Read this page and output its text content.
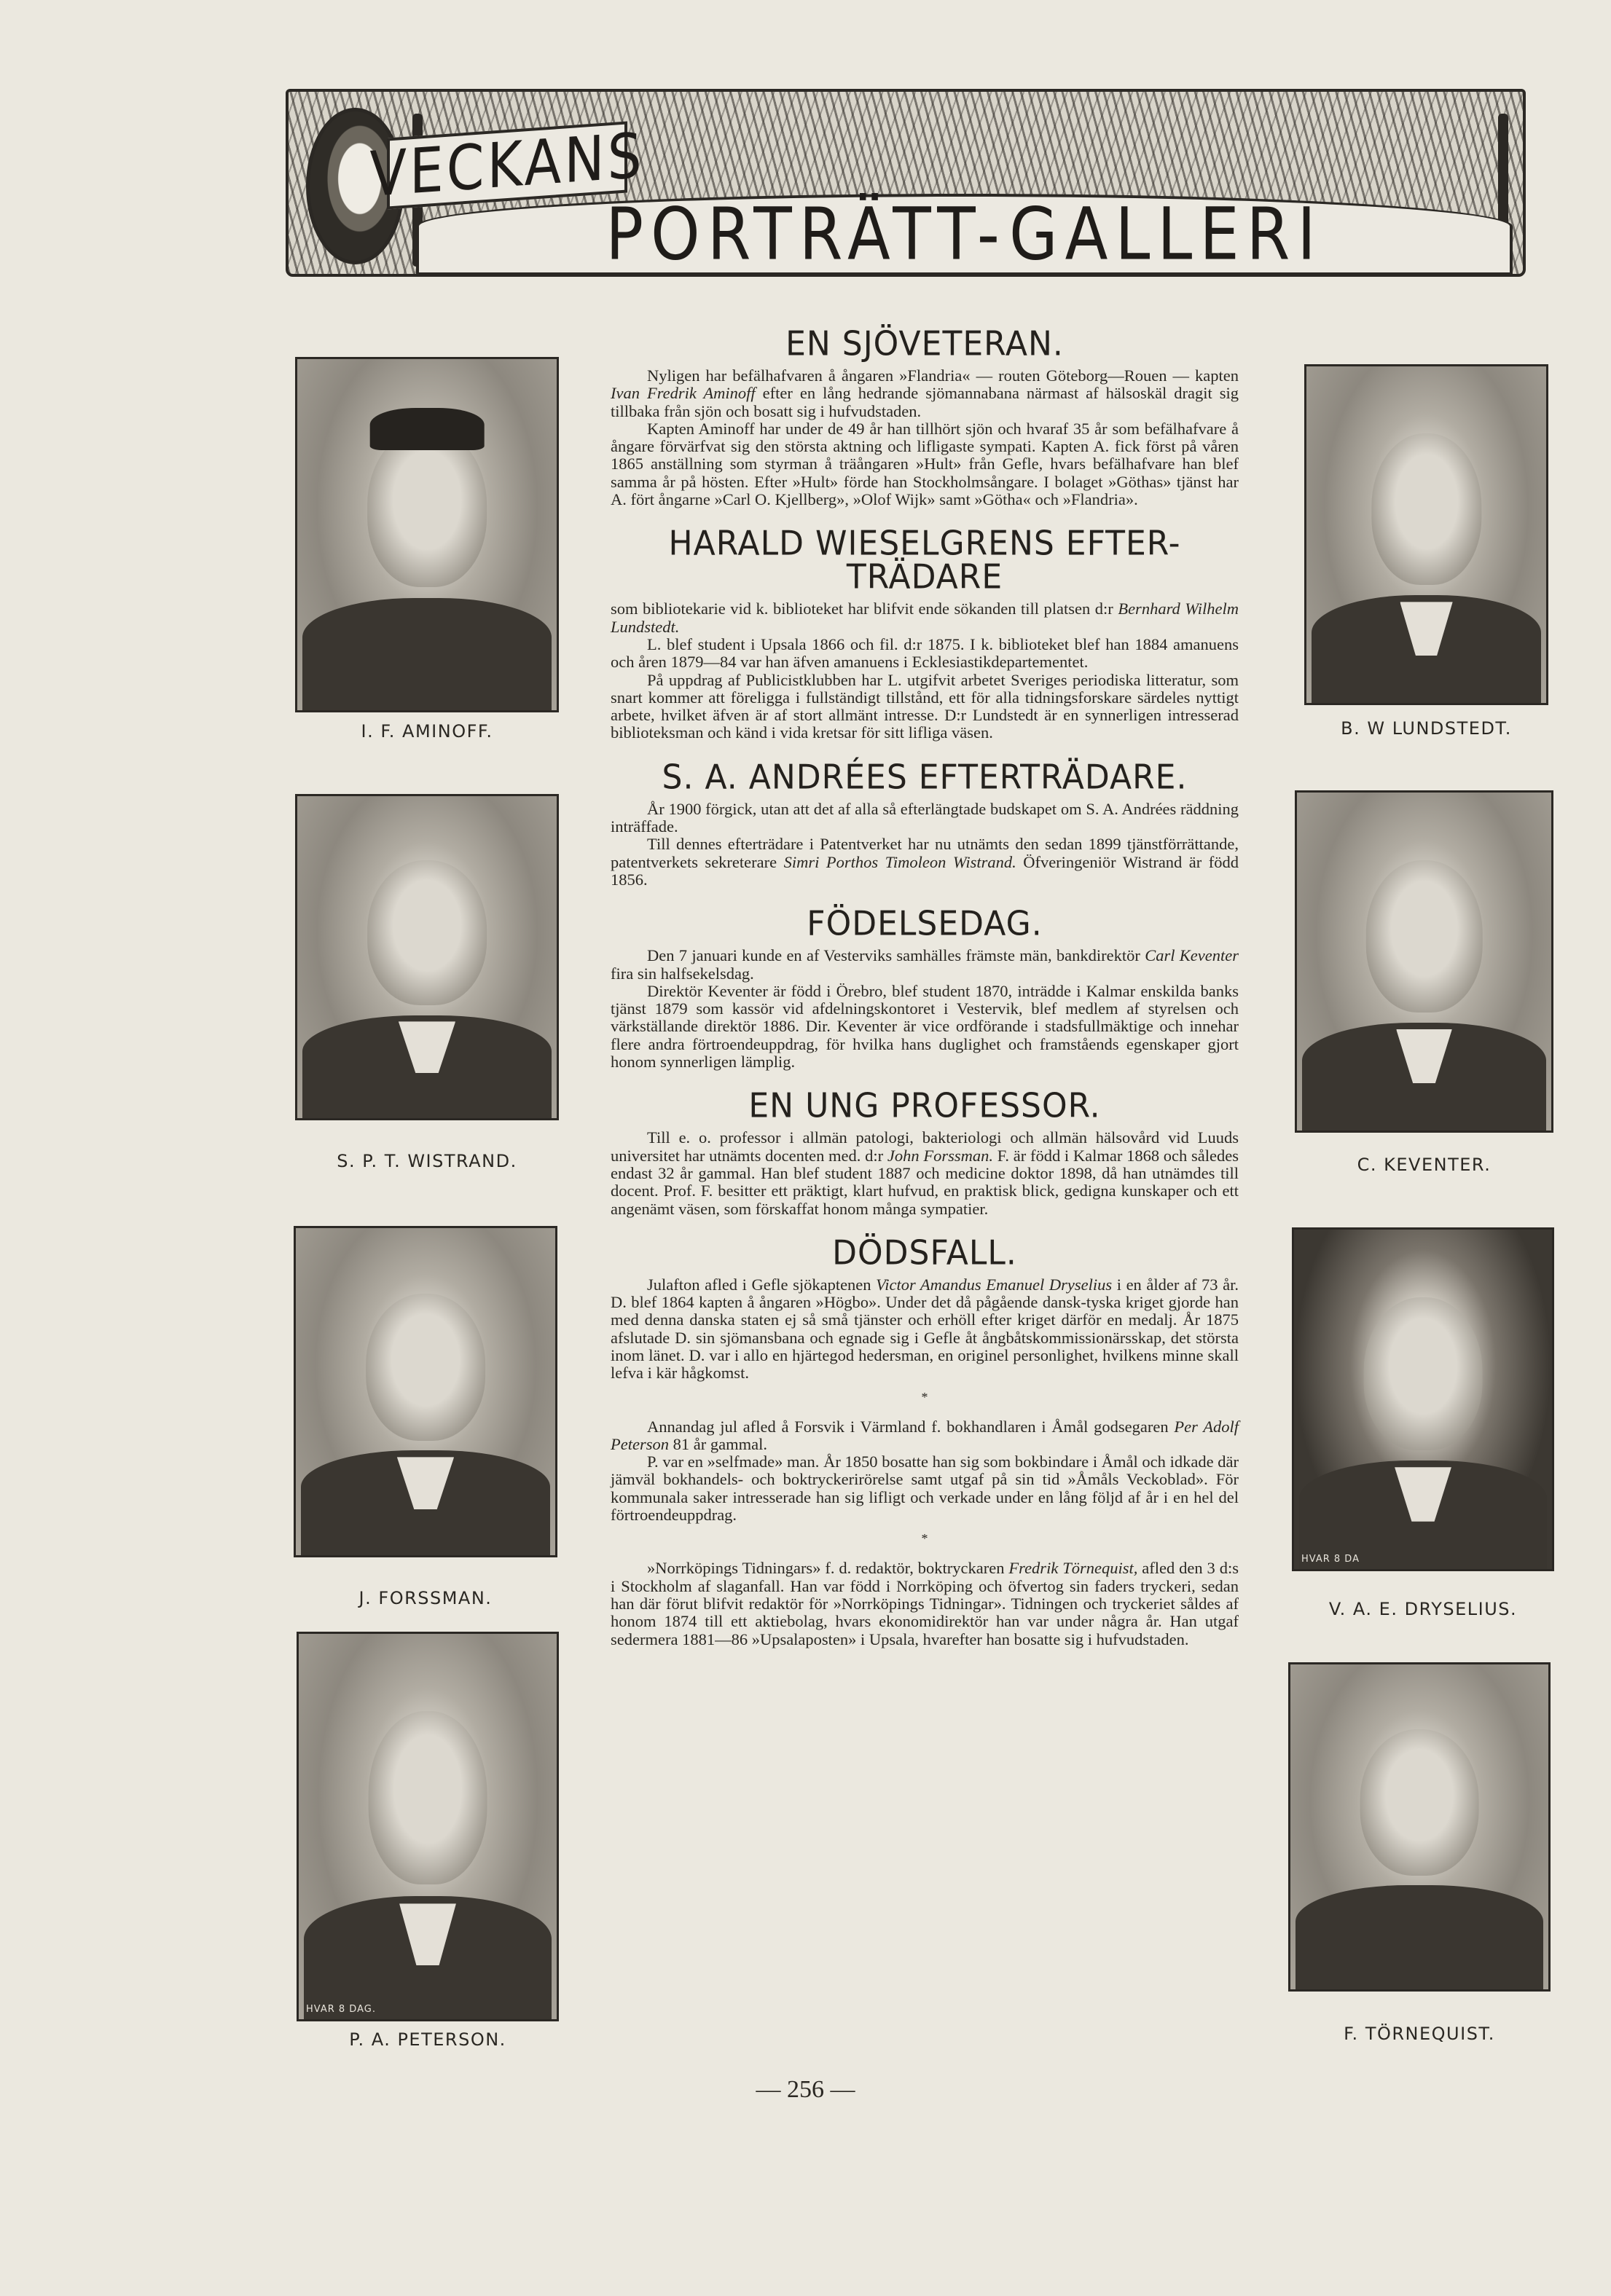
VECKANS
PORTRÄTT-GALLERI
I. F. AMINOFF.
S. P. T. WISTRAND.
J. FORSSMAN.
HVAR 8 DAG.
P. A. PETERSON.
B. W LUNDSTEDT.
C. KEVENTER.
HVAR 8 DA
V. A. E. DRYSELIUS.
F. TÖRNEQUIST.
EN SJÖVETERAN.

Nyligen har befälhafvaren å ångaren »Flandria« — routen Göteborg—Rouen — kapten Ivan Fredrik Aminoff efter en lång hedrande sjömannabana närmast af hälsoskäl dragit sig tillbaka från sjön och bosatt sig i hufvudstaden.

Kapten Aminoff har under de 49 år han tillhört sjön och hvaraf 35 år som befälhafvare å ångare förvärfvat sig den största aktning och lifligaste sympati. Kapten A. fick först på våren 1865 anställning som styrman å träångaren »Hult» från Gefle, hvars befälhafvare han blef samma år på hösten. Efter »Hult» förde han Stockholmsångare. I bolaget »Göthas» tjänst har A. fört ångarne »Carl O. Kjellberg», »Olof Wijk» samt »Götha« och »Flandria».

HARALD WIESELGRENS EFTER-
TRÄDARE

som bibliotekarie vid k. biblioteket har blifvit ende sökanden till platsen d:r Bernhard Wilhelm Lundstedt.

L. blef student i Upsala 1866 och fil. d:r 1875. I k. biblioteket blef han 1884 amanuens och åren 1879—84 var han äfven amanuens i Ecklesiastikdepartementet.

På uppdrag af Publicistklubben har L. utgifvit arbetet Sveriges periodiska litteratur, som snart kommer att föreligga i fullständigt tillstånd, ett för alla tidningsforskare särdeles nyttigt arbete, hvilket äfven är af stort allmänt intresse. D:r Lundstedt är en synnerligen intresserad biblioteksman och känd i vida kretsar för sitt lifliga väsen.

S. A. ANDRÉES EFTERTRÄDARE.

År 1900 förgick, utan att det af alla så efterlängtade budskapet om S. A. Andrées räddning inträffade.

Till dennes efterträdare i Patentverket har nu utnämts den sedan 1899 tjänstförrättande, patentverkets sekreterare Simri Porthos Timoleon Wistrand. Öfveringeniör Wistrand är född 1856.

FÖDELSEDAG.

Den 7 januari kunde en af Vesterviks samhälles främste män, bankdirektör Carl Keventer fira sin halfsekelsdag.

Direktör Keventer är född i Örebro, blef student 1870, inträdde i Kalmar enskilda banks tjänst 1879 som kassör vid afdelningskontoret i Vestervik, blef medlem af styrelsen och värkställande direktör 1886. Dir. Keventer är vice ordförande i stadsfullmäktige och innehar flere andra förtroendeuppdrag, för hvilka hans duglighet och framståends egenskaper gjort honom synnerligen lämplig.

EN UNG PROFESSOR.

Till e. o. professor i allmän patologi, bakteriologi och allmän hälsovård vid Luuds universitet har utnämts docenten med. d:r John Forssman. F. är född i Kalmar 1868 och således endast 32 år gammal. Han blef student 1887 och medicine doktor 1898, då han utnämdes till docent. Prof. F. besitter ett präktigt, klart hufvud, en praktisk blick, gedigna kunskaper och ett angenämt väsen, som förskaffat honom många sympatier.

DÖDSFALL.

Julafton afled i Gefle sjökaptenen Victor Amandus Emanuel Dryselius i en ålder af 73 år. D. blef 1864 kapten å ångaren »Högbo». Under det då pågående dansk-tyska kriget gjorde han med denna danska staten ej så små tjänster och erhöll efter kriget därför en medalj. År 1875 afslutade D. sin sjömansbana och egnade sig i Gefle åt ångbåtskommissionärsskap, det största inom länet. D. var i allo en hjärtegod hedersman, en originel personlighet, hvilkens minne skall lefva i kär hågkomst.

*

Annandag jul afled å Forsvik i Värmland f. bokhandlaren i Åmål godsegaren Per Adolf Peterson 81 år gammal.

P. var en »selfmade» man. År 1850 bosatte han sig som bokbindare i Åmål och idkade där jämväl bokhandels- och boktryckerirörelse samt utgaf på sin tid »Åmåls Veckoblad». För kommunala saker intresserade han sig lifligt och verkade under en lång följd af år i en hel del förtroendeuppdrag.

*

»Norrköpings Tidningars» f. d. redaktör, boktryckaren Fredrik Törnequist, afled den 3 d:s i Stockholm af slaganfall. Han var född i Norrköping och öfvertog sin faders tryckeri, sedan han där förut blifvit redaktör för »Norrköpings Tidningar». Tidningen och tryckeriet såldes af honom 1874 till ett aktiebolag, hvars ekonomidirektör han var under några år. Han utgaf sedermera 1881—86 »Upsalaposten» i Upsala, hvarefter han bosatte sig i hufvudstaden.

— 256 —
